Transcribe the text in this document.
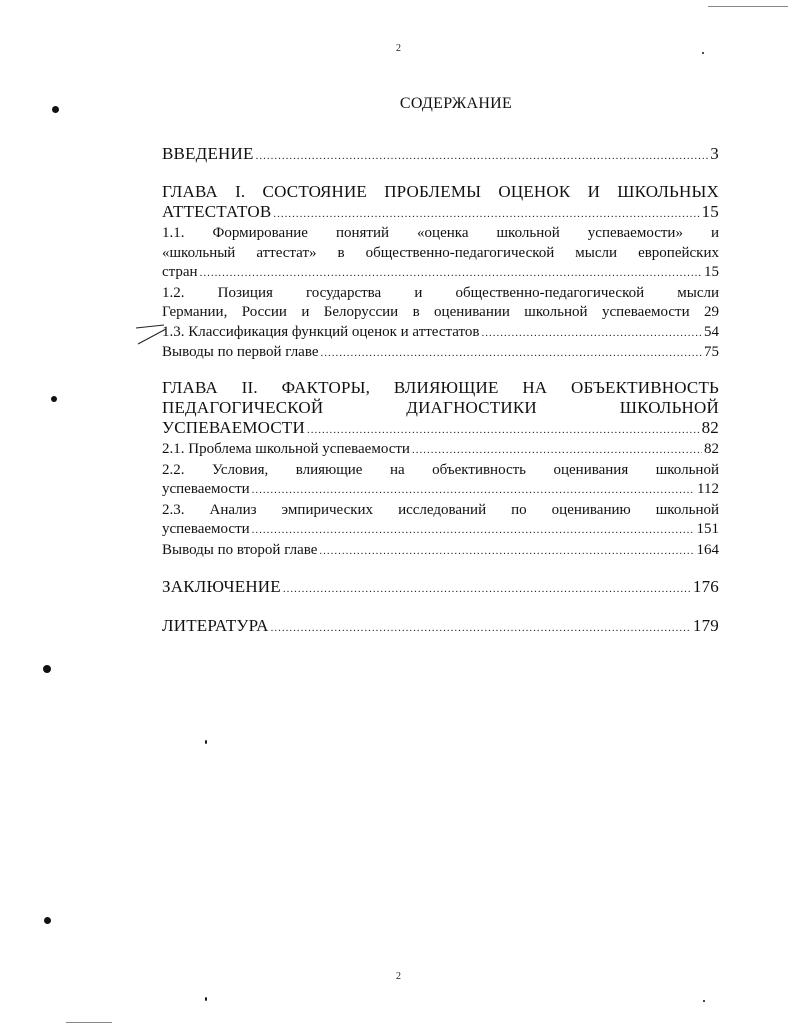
2
СОДЕРЖАНИЕ
ВВЕДЕНИЕ .....	3
ГЛАВА I. СОСТОЯНИЕ ПРОБЛЕМЫ ОЦЕНОК И ШКОЛЬНЫХ
АТТЕСТАТОВ .....	15
1.1. Формирование понятий «оценка школьной успеваемости» и
«школьный аттестат» в общественно-педагогической мысли европейских
стран .....	15
1.2. Позиция государства и общественно-педагогической мысли
Германии, России и Белоруссии в оценивании школьной успеваемости 29
1.3. Классификация функций оценок и аттестатов .....	54
Выводы по первой главе .....	75
ГЛАВА II. ФАКТОРЫ, ВЛИЯЮЩИЕ НА ОБЪЕКТИВНОСТЬ
ПЕДАГОГИЧЕСКОЙ ДИАГНОСТИКИ ШКОЛЬНОЙ
УСПЕВАЕМОСТИ .....	82
2.1. Проблема школьной успеваемости .....	82
2.2. Условия, влияющие на объективность оценивания школьной
успеваемости .....	112
2.3. Анализ эмпирических исследований по оцениванию школьной
успеваемости .....	151
Выводы по второй главе .....	164
ЗАКЛЮЧЕНИЕ .....	176
ЛИТЕРАТУРА .....	179
2
